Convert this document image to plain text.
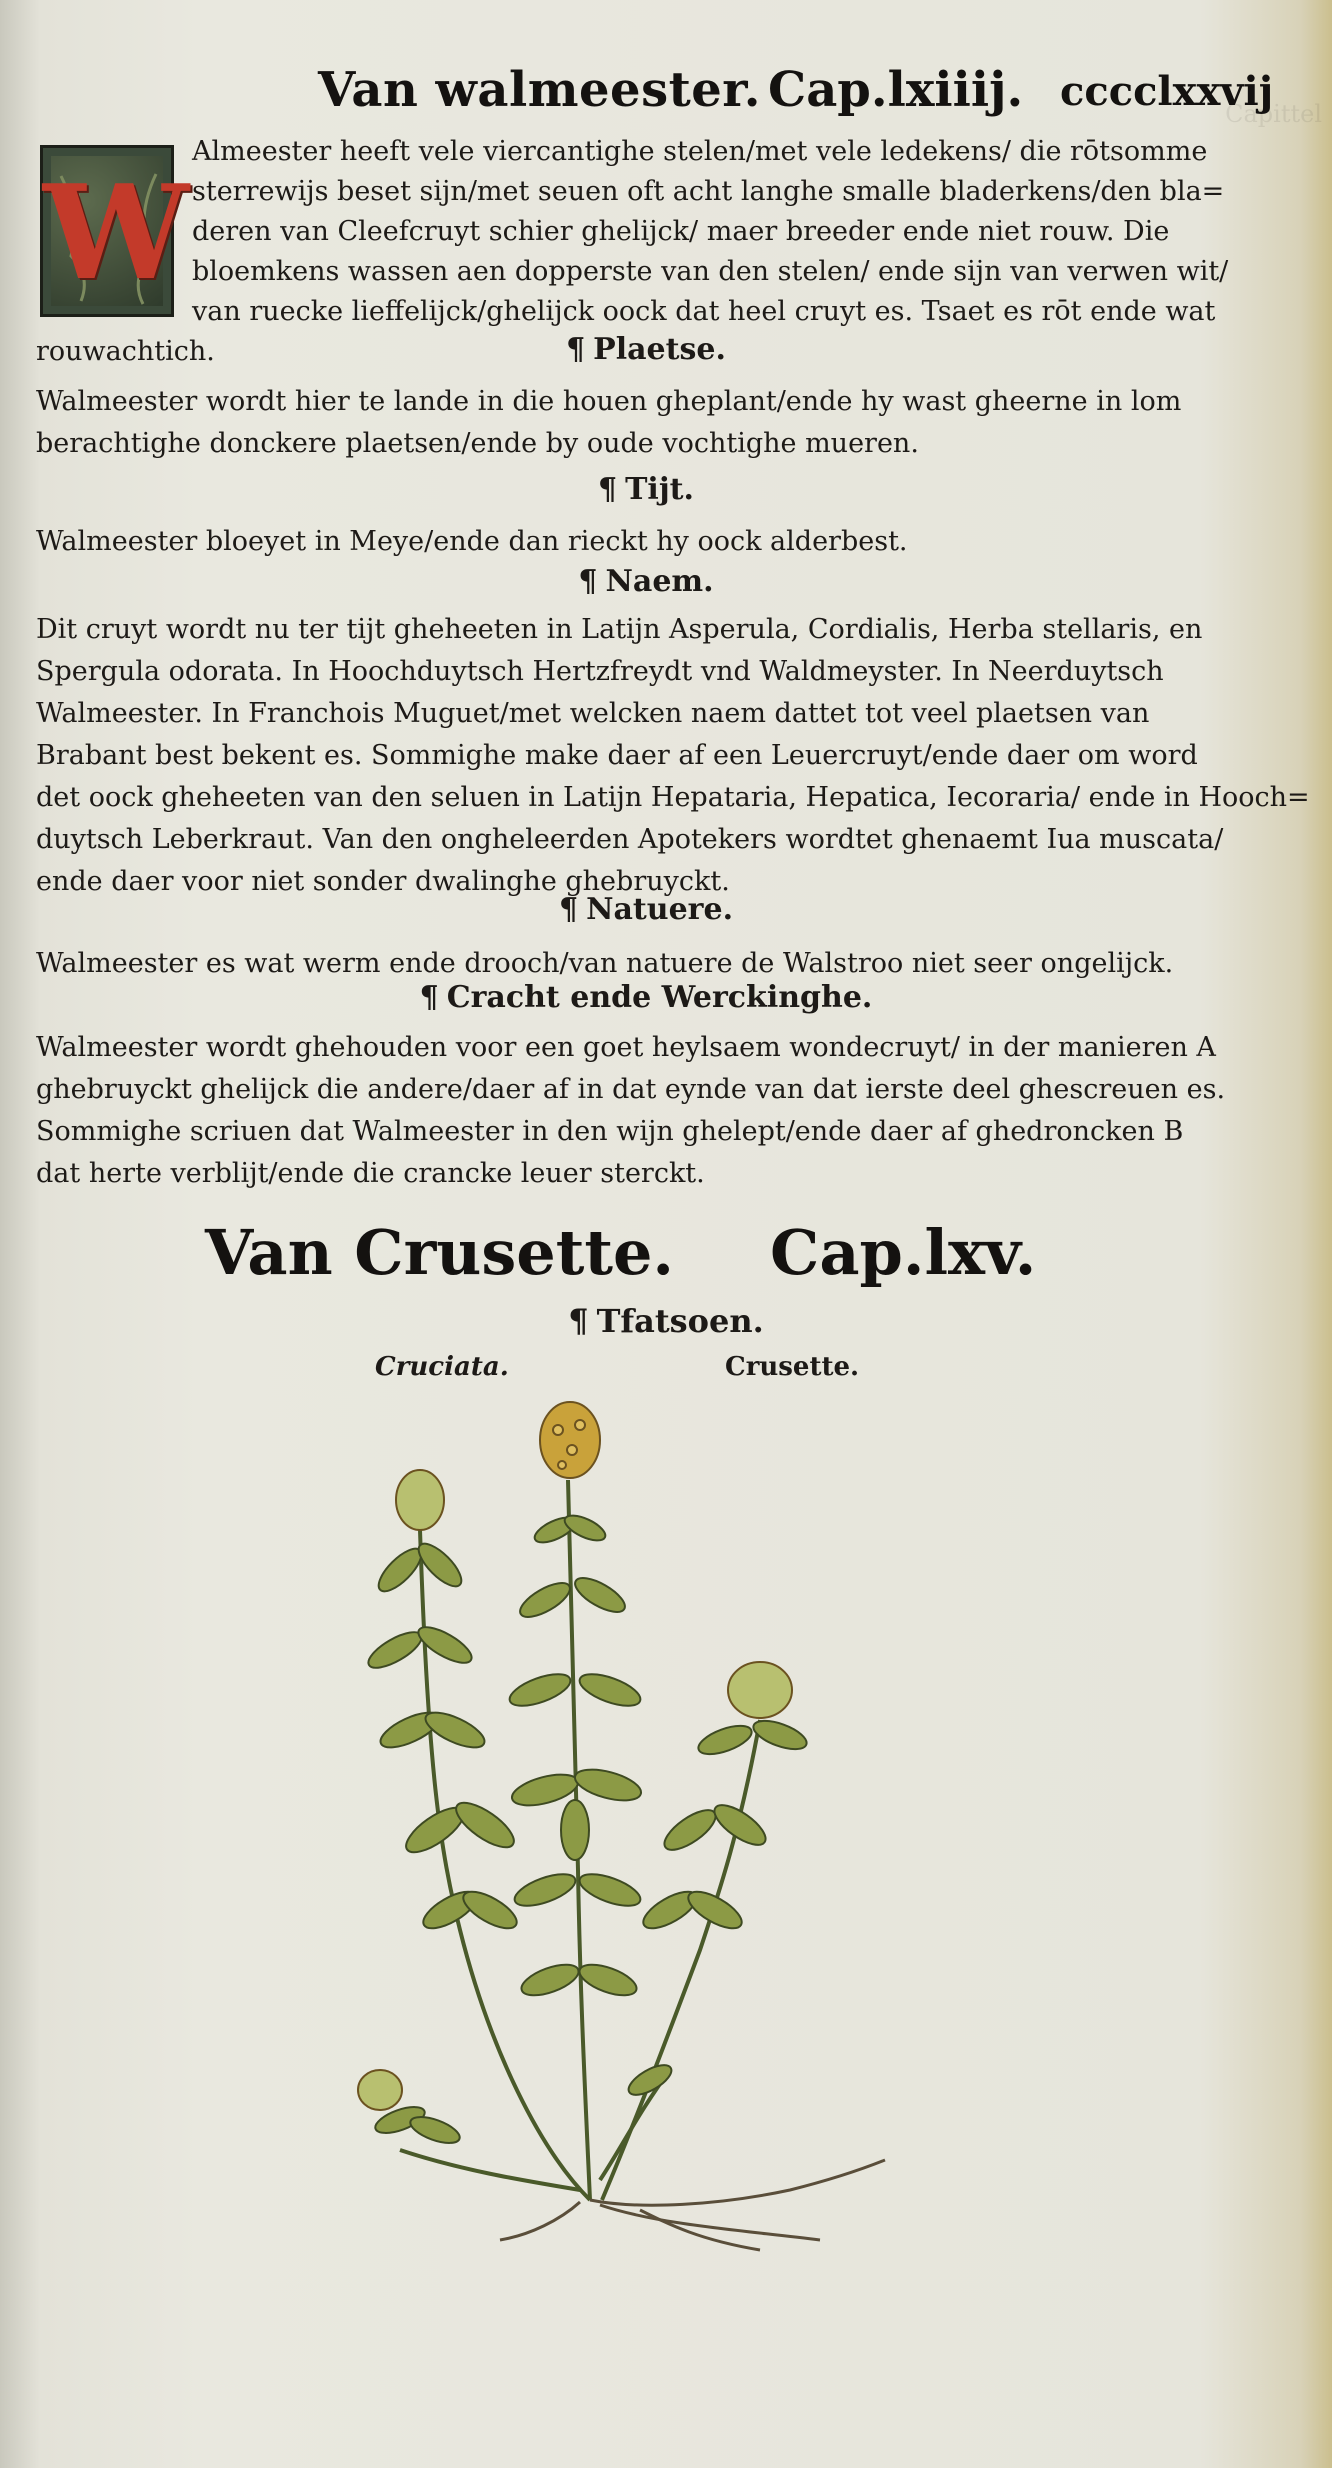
Capittel

Van walmeester. Cap.lxiiij. cccclxxvij
W
Almeester heeft vele viercantighe stelen/met vele ledekens/ die rōtsomme
sterrewijs beset sijn/met seuen oft acht langhe smalle bladerkens/den bla=
deren van Cleefcruyt schier ghelijck/ maer breeder ende niet rouw. Die
bloemkens wassen aen dopperste van den stelen/ ende sijn van verwen wit/
van ruecke lieffelijck/ghelijck oock dat heel cruyt es. Tsaet es rōt ende wat
rouwachtich.	¶ Plaetse.
Walmeester wordt hier te lande in die houen gheplant/ende hy wast gheerne in lom
berachtighe donckere plaetsen/ende by oude vochtighe mueren.
¶ Tijt.
Walmeester bloeyet in Meye/ende dan rieckt hy oock alderbest.
¶ Naem.
Dit cruyt wordt nu ter tijt gheheeten in Latijn Asperula, Cordialis, Herba stellaris, en
Spergula odorata. In Hoochduytsch Hertzfreydt vnd Waldmeyster. In Neerduytsch
Walmeester. In Franchois Muguet/met welcken naem dattet tot veel plaetsen van
Brabant best bekent es. Sommighe make daer af een Leuercruyt/ende daer om word
det oock gheheeten van den seluen in Latijn Hepataria, Hepatica, Iecoraria/ ende in Hooch=
duytsch Leberkraut. Van den ongheleerden Apotekers wordtet ghenaemt Iua muscata/
ende daer voor niet sonder dwalinghe ghebruyckt.
¶ Natuere.
Walmeester es wat werm ende drooch/van natuere de Walstroo niet seer ongelijck.
¶ Cracht ende Werckinghe.
Walmeester wordt ghehouden voor een goet heylsaem wondecruyt/ in der manieren A
ghebruyckt ghelijck die andere/daer af in dat eynde van dat ierste deel ghescreuen es.
Sommighe scriuen dat Walmeester in den wijn ghelept/ende daer af ghedroncken B
dat herte verblijt/ende die crancke leuer sterckt.
Van Crusette. Cap.lxv.
¶ Tfatsoen.
Cruciata.	Crusette.
